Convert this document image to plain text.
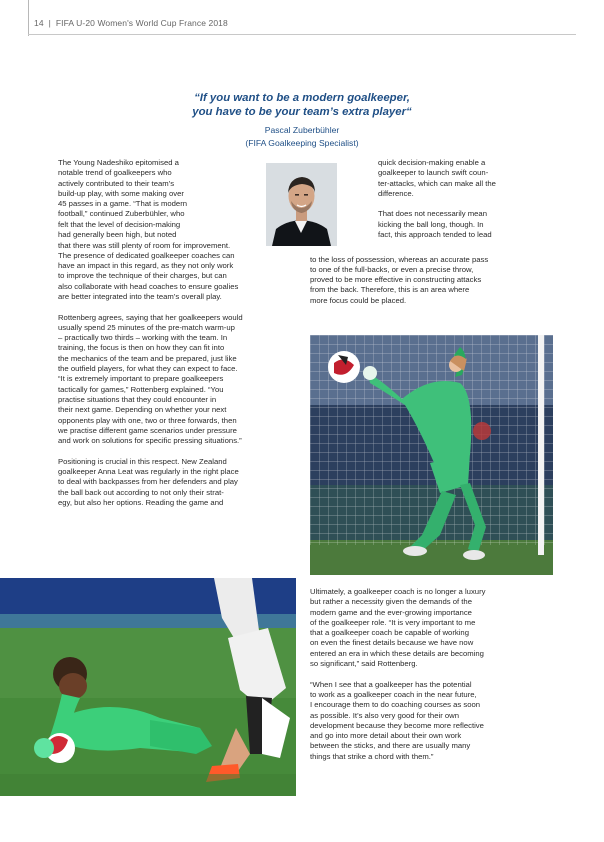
14  |  FIFA U-20 Women's World Cup France 2018
“If you want to be a modern goalkeeper,
you have to be your team’s extra player“
Pascal Zuberbühler
(FIFA Goalkeeping Specialist)

The Young Nadeshiko epitomised a

notable trend of goalkeepers who

actively contributed to their team’s

build-up play, with some making over

45 passes in a game. “That is modern

football,” continued Zuberbühler, who

felt that the level of decision-making

had generally been high, but noted

that there was still plenty of room for improvement.

The presence of dedicated goalkeeper coaches can

have an impact in this regard, as they not only work

to improve the technique of their charges, but can

also collaborate with head coaches to ensure goalies

are better integrated into the team’s overall play.

Rottenberg agrees, saying that her goalkeepers would

usually spend 25 minutes of the pre-match warm-up

– practically two thirds – working with the team. In

training, the focus is then on how they can fit into

the mechanics of the team and be prepared, just like

the outfield players, for what they can expect to face.

“It is extremely important to prepare goalkeepers

tactically for games,” Rottenberg explained. “You

practise situations that they could encounter in

their next game. Depending on whether your next

opponents play with one, two or three forwards, then

we practise different game scenarios under pressure

and work on solutions for specific pressing situations.”

Positioning is crucial in this respect. New Zealand

goalkeeper Anna Leat was regularly in the right place

to deal with backpasses from her defenders and play

the ball back out according to not only their strat-

egy, but also her options. Reading the game and

quick decision-making enable a

goalkeeper to launch swift coun-

ter-attacks, which can make all the

difference.

That does not necessarily mean

kicking the ball long, though. In

fact, this approach tended to lead

to the loss of possession, whereas an accurate pass

to one of the full-backs, or even a precise throw,

proved to be more effective in constructing attacks

from the back. Therefore, this is an area where

more focus could be placed.

Ultimately, a goalkeeper coach is no longer a luxury

but rather a necessity given the demands of the

modern game and the ever-growing importance

of the goalkeeper role. “It is very important to me

that a goalkeeper coach be capable of working

on even the finest details because we have now

entered an era in which these details are becoming

so significant,” said Rottenberg.

“When I see that a goalkeeper has the potential

to work as a goalkeeper coach in the near future,

I encourage them to do coaching courses as soon

as possible. It’s also very good for their own

development because they become more reflective

and go into more detail about their own work

between the sticks, and there are usually many

things that strike a chord with them.”
